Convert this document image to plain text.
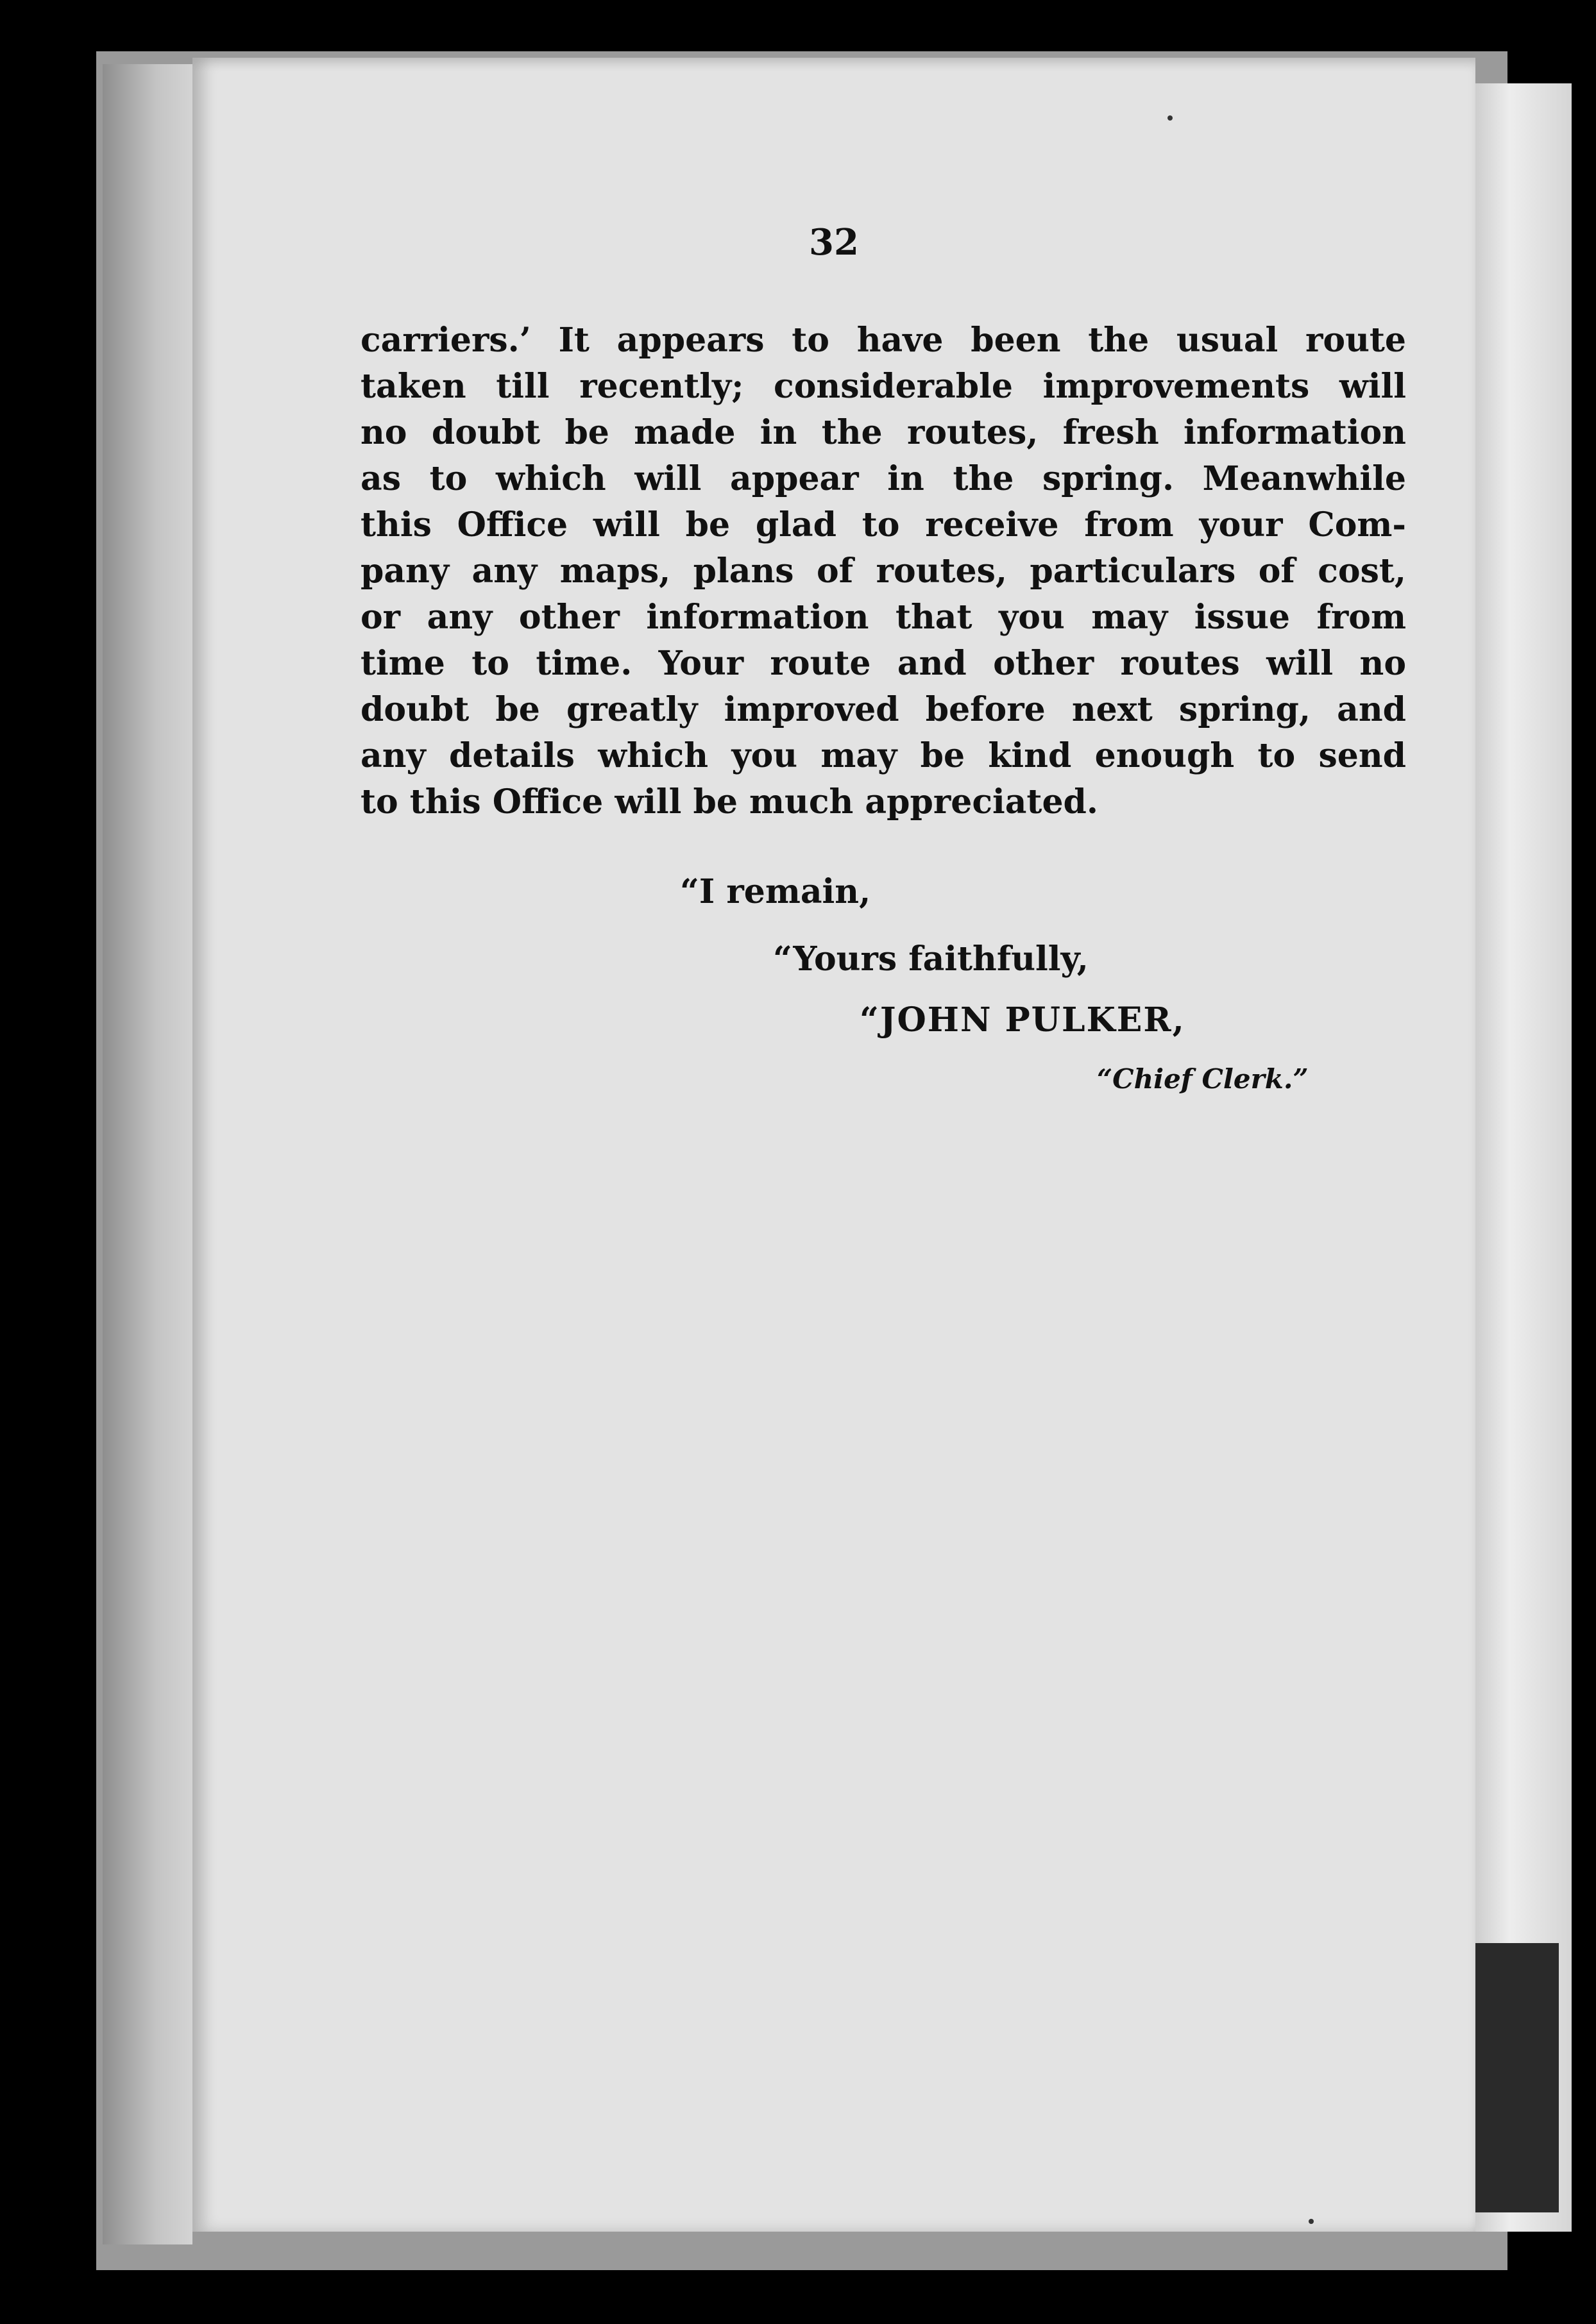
32
carriers.’ It appears to have been the usual route
taken till recently; considerable improvements will
no doubt be made in the routes, fresh information
as to which will appear in the spring. Meanwhile
this Office will be glad to receive from your Com-
pany any maps, plans of routes, particulars of cost,
or any other information that you may issue from
time to time. Your route and other routes will no
doubt be greatly improved before next spring, and
any details which you may be kind enough to send
to this Office will be much appreciated.
“I remain,
“Yours faithfully,
“JOHN PULKER,
“Chief Clerk.”
